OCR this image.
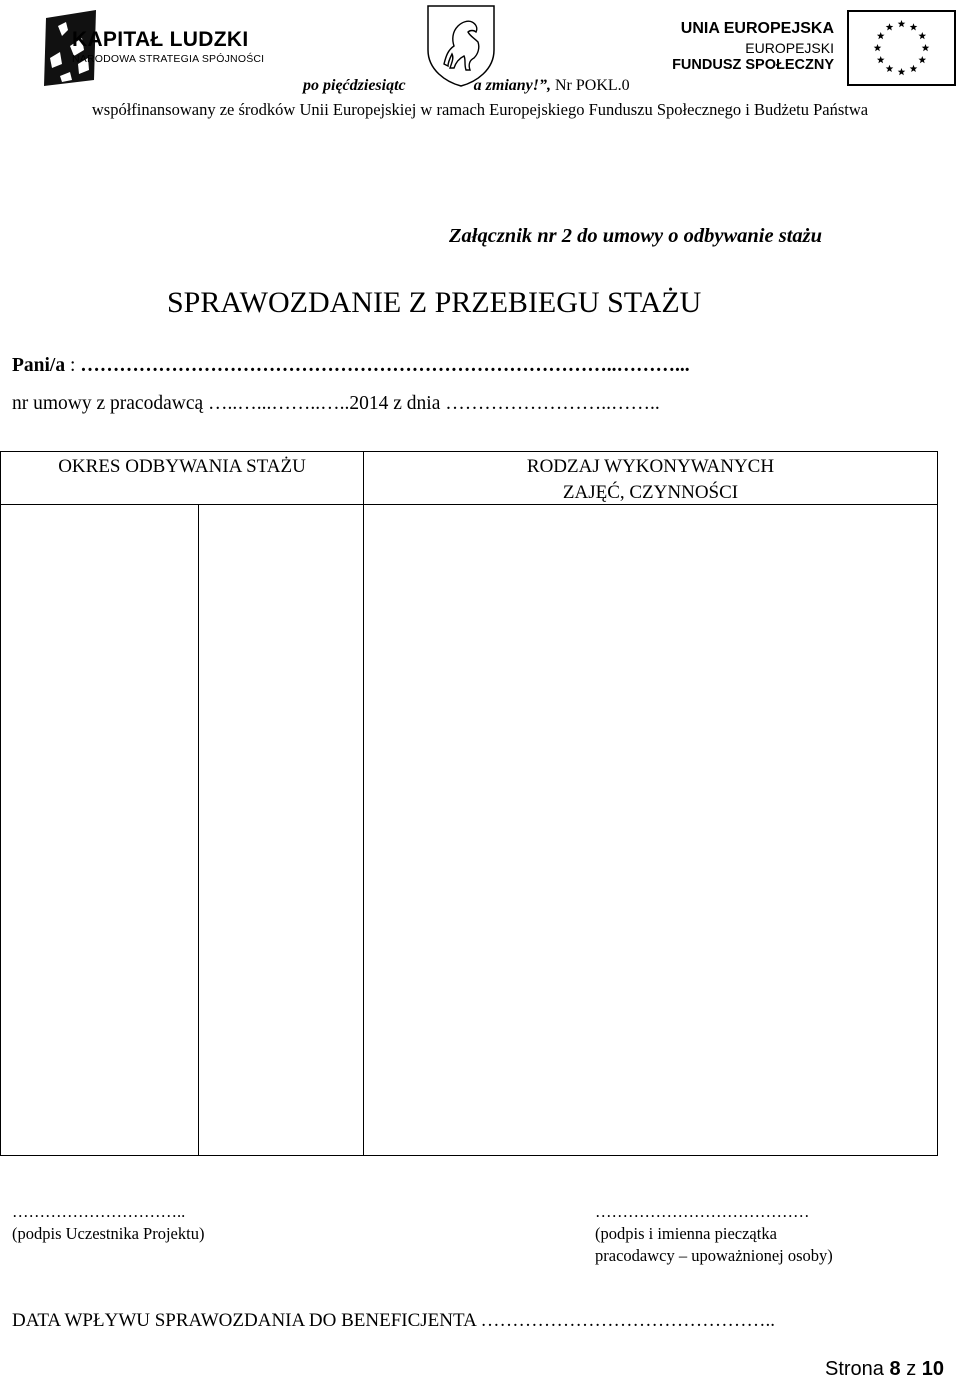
KAPITAŁ LUDZKI
NARODOWA STRATEGIA SPÓJNOŚCI
UNIA EUROPEJSKA
EUROPEJSKI
FUNDUSZ SPOŁECZNY
po pięćdziesiątc	a zmiany!”, Nr POKL.0
współfinansowany ze środków Unii Europejskiej w ramach Europejskiego Funduszu Społecznego i Budżetu Państwa
Załącznik nr 2 do umowy o odbywanie stażu
SPRAWOZDANIE Z PRZEBIEGU STAŻU
Pani/a : ………………………………………………………………………..………...
nr umowy z pracodawcą …..…...……..…..2014 z dnia ……………………..……..
OKRES ODBYWANIA STAŻU	RODZAJ WYKONYWANYCH
ZAJĘĆ, CZYNNOŚCI
…………………………..
(podpis Uczestnika Projektu)
…………………………………
(podpis i imienna pieczątka
pracodawcy – upoważnionej osoby)
DATA WPŁYWU SPRAWOZDANIA DO BENEFICJENTA ………………………………………..
Strona 8 z 10
